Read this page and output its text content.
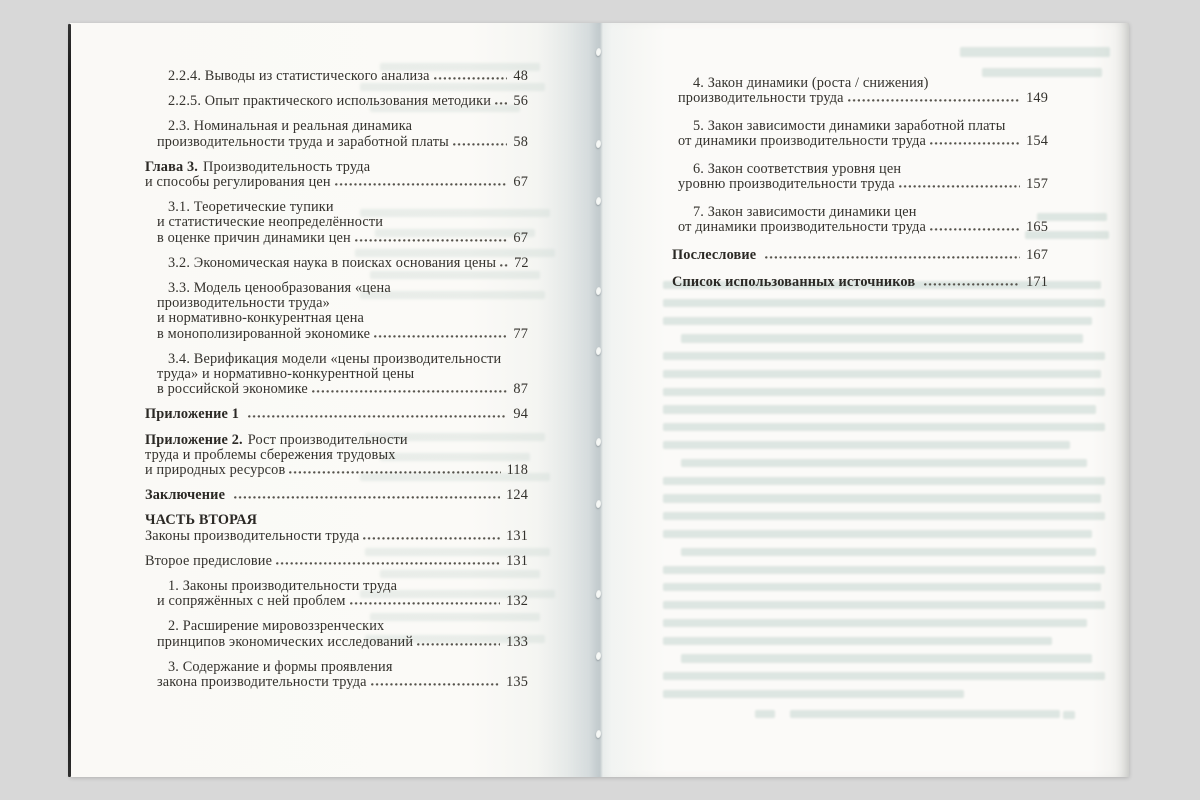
2.2.4. Выводы из статистического анализа	48
2.2.5. Опыт практического использования методики 56
2.3. Номинальная и реальная динамика
производительности труда и заработной платы	58
Глава 3. Производительность труда
и способы регулирования цен	67
3.1. Теоретические тупики
и статистические неопределённости
в оценке причин динамики цен	67
3.2. Экономическая наука в поисках основания цены 72
3.3. Модель ценообразования «цена
производительности труда»
и нормативно-конкурентная цена
в монополизированной экономике	77
3.4. Верификация модели «цены производительности
труда» и нормативно-конкурентной цены
в российской экономике	87
Приложение 1	94
Приложение 2. Рост производительности
труда и проблемы сбережения трудовых
и природных ресурсов	118
Заключение	124
ЧАСТЬ ВТОРАЯ
Законы производительности труда	131
Второе предисловие	131
1. Законы производительности труда
и сопряжённых с ней проблем	132
2. Расширение мировоззренческих
принципов экономических исследований	133
3. Содержание и формы проявления
закона производительности труда	135
4. Закон динамики (роста / снижения)
производительности труда	149
5. Закон зависимости динамики заработной платы
от динамики производительности труда	154
6. Закон соответствия уровня цен
уровню производительности труда	157
7. Закон зависимости динамики цен
от динамики производительности труда	165
Послесловие	167
Список использованных источников	171
